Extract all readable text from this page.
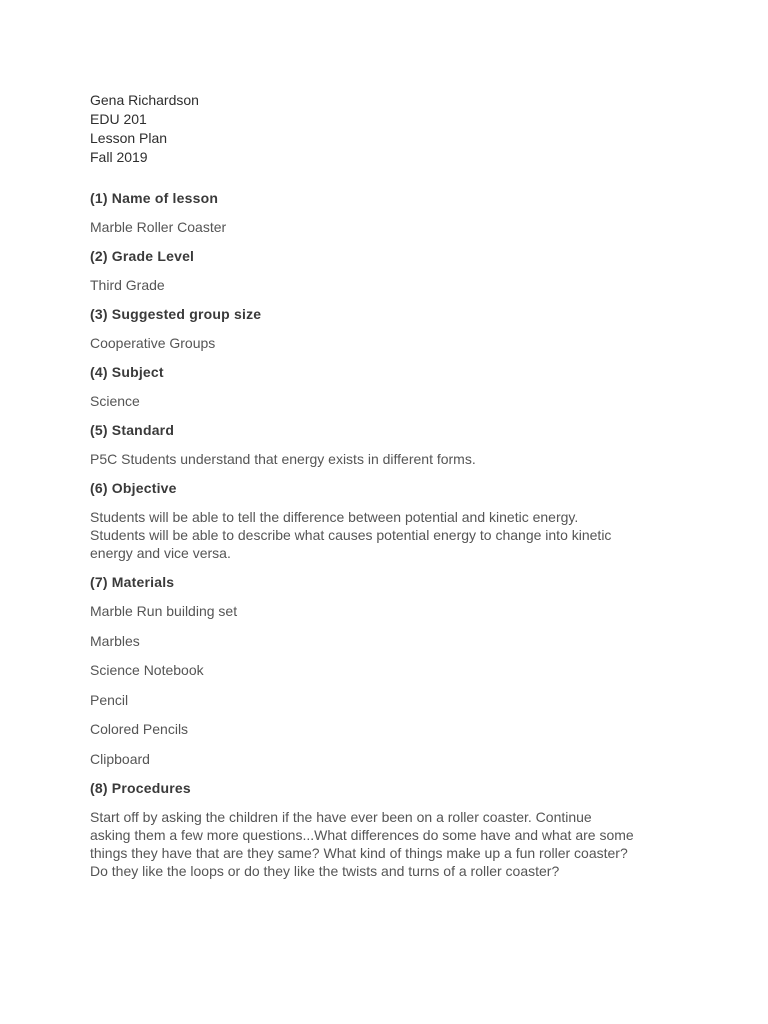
Gena Richardson

EDU 201

Lesson Plan

Fall 2019

(1) Name of lesson

Marble Roller Coaster

(2) Grade Level

Third Grade

(3) Suggested group size

Cooperative Groups

(4) Subject

Science

(5) Standard

P5C Students understand that energy exists in different forms.

(6) Objective

Students will be able to tell the difference between potential and kinetic energy.
Students will be able to describe what causes potential energy to change into kinetic
energy and vice versa.

(7) Materials

Marble Run building set

Marbles

Science Notebook

Pencil

Colored Pencils

Clipboard

(8) Procedures

Start off by asking the children if the have ever been on a roller coaster. Continue
asking them a few more questions...What differences do some have and what are some
things they have that are they same? What kind of things make up a fun roller coaster?
Do they like the loops or do they like the twists and turns of a roller coaster?
